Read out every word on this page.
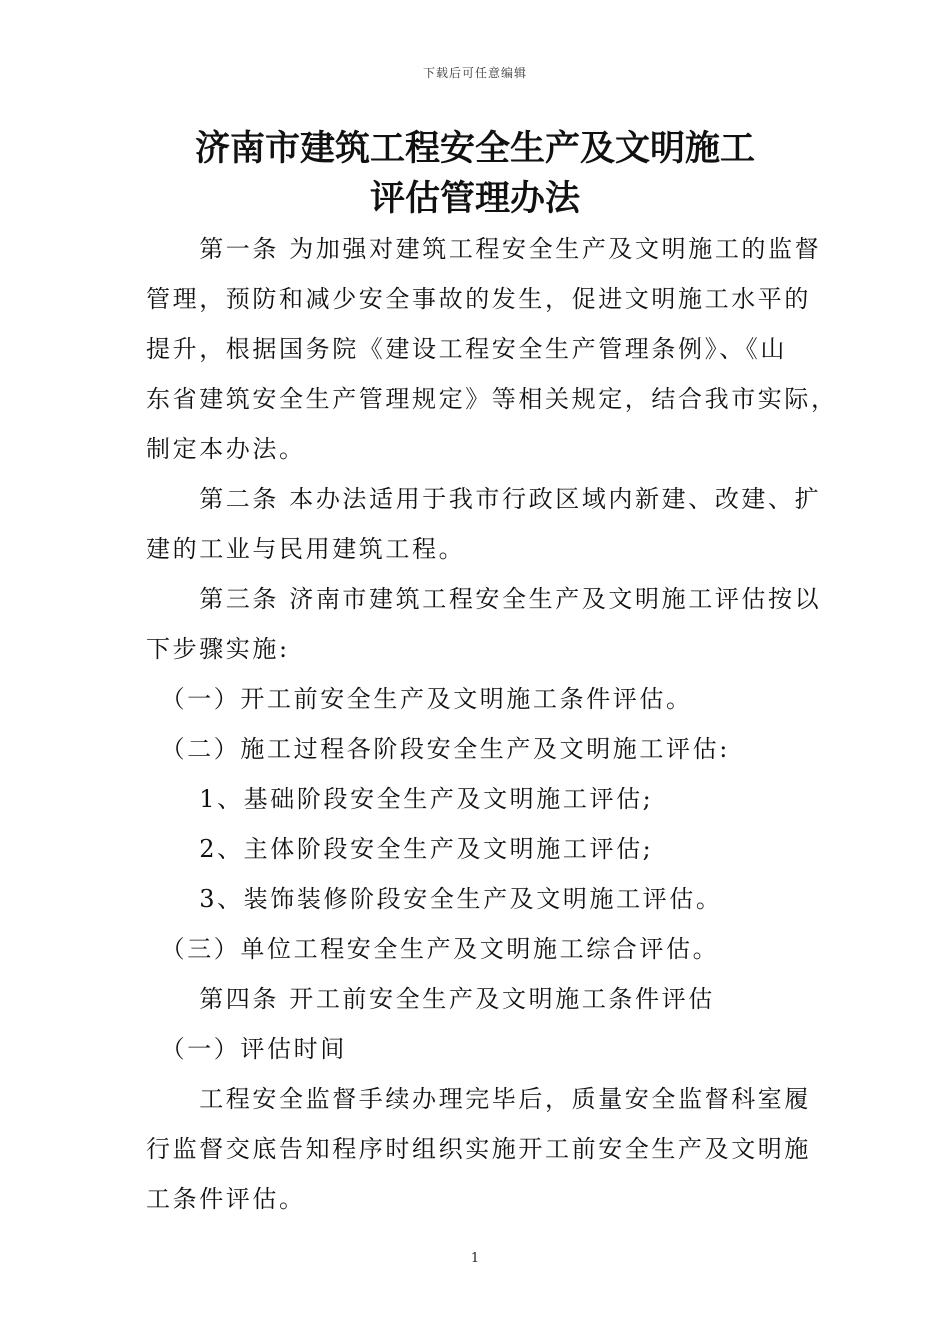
下载后可任意编辑
济南市建筑工程安全生产及文明施工
评估管理办法
　　第一条 为加强对建筑工程安全生产及文明施工的监督
管理，预防和减少安全事故的发生，促进文明施工水平的
提升，根据国务院《建设工程安全生产管理条例》、《山
东省建筑安全生产管理规定》等相关规定，结合我市实际，
制定本办法。
　　第二条 本办法适用于我市行政区域内新建、改建、扩
建的工业与民用建筑工程。
　　第三条 济南市建筑工程安全生产及文明施工评估按以
下步骤实施:
　（一）开工前安全生产及文明施工条件评估。
　（二）施工过程各阶段安全生产及文明施工评估:
　　1、基础阶段安全生产及文明施工评估;
　　2、主体阶段安全生产及文明施工评估;
　　3、装饰装修阶段安全生产及文明施工评估。
　（三）单位工程安全生产及文明施工综合评估。
　　第四条 开工前安全生产及文明施工条件评估
　（一）评估时间
　　工程安全监督手续办理完毕后，质量安全监督科室履
行监督交底告知程序时组织实施开工前安全生产及文明施
工条件评估。
1
